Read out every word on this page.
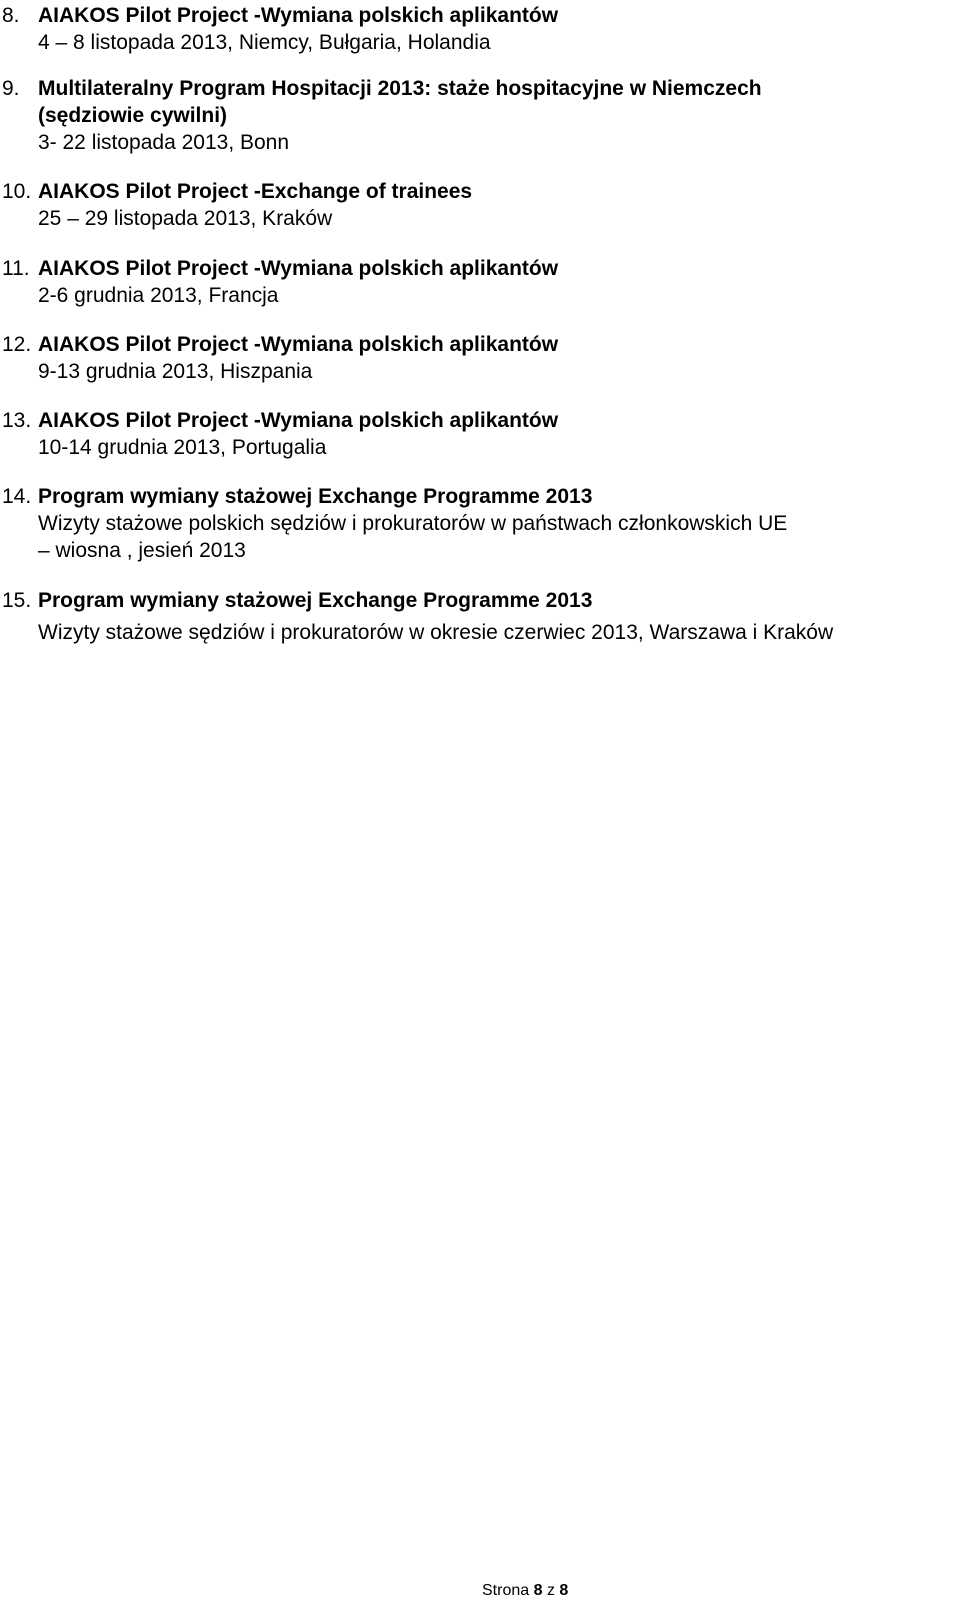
8. AIAKOS Pilot Project -Wymiana polskich aplikantów
4 – 8 listopada 2013, Niemcy, Bułgaria, Holandia
9. Multilateralny Program Hospitacji 2013: staże hospitacyjne w Niemczech
(sędziowie cywilni)
3- 22 listopada 2013, Bonn
10. AIAKOS Pilot Project -Exchange of trainees
25 – 29 listopada 2013, Kraków
11. AIAKOS Pilot Project -Wymiana polskich aplikantów
2-6 grudnia 2013, Francja
12. AIAKOS Pilot Project -Wymiana polskich aplikantów
9-13 grudnia 2013, Hiszpania
13. AIAKOS Pilot Project -Wymiana polskich aplikantów
10-14 grudnia 2013, Portugalia
14. Program wymiany stażowej Exchange Programme 2013
Wizyty stażowe polskich sędziów i prokuratorów w państwach członkowskich UE
– wiosna , jesień 2013
15. Program wymiany stażowej Exchange Programme 2013
Wizyty stażowe sędziów i prokuratorów w okresie czerwiec 2013, Warszawa i Kraków
Strona 8 z 8
